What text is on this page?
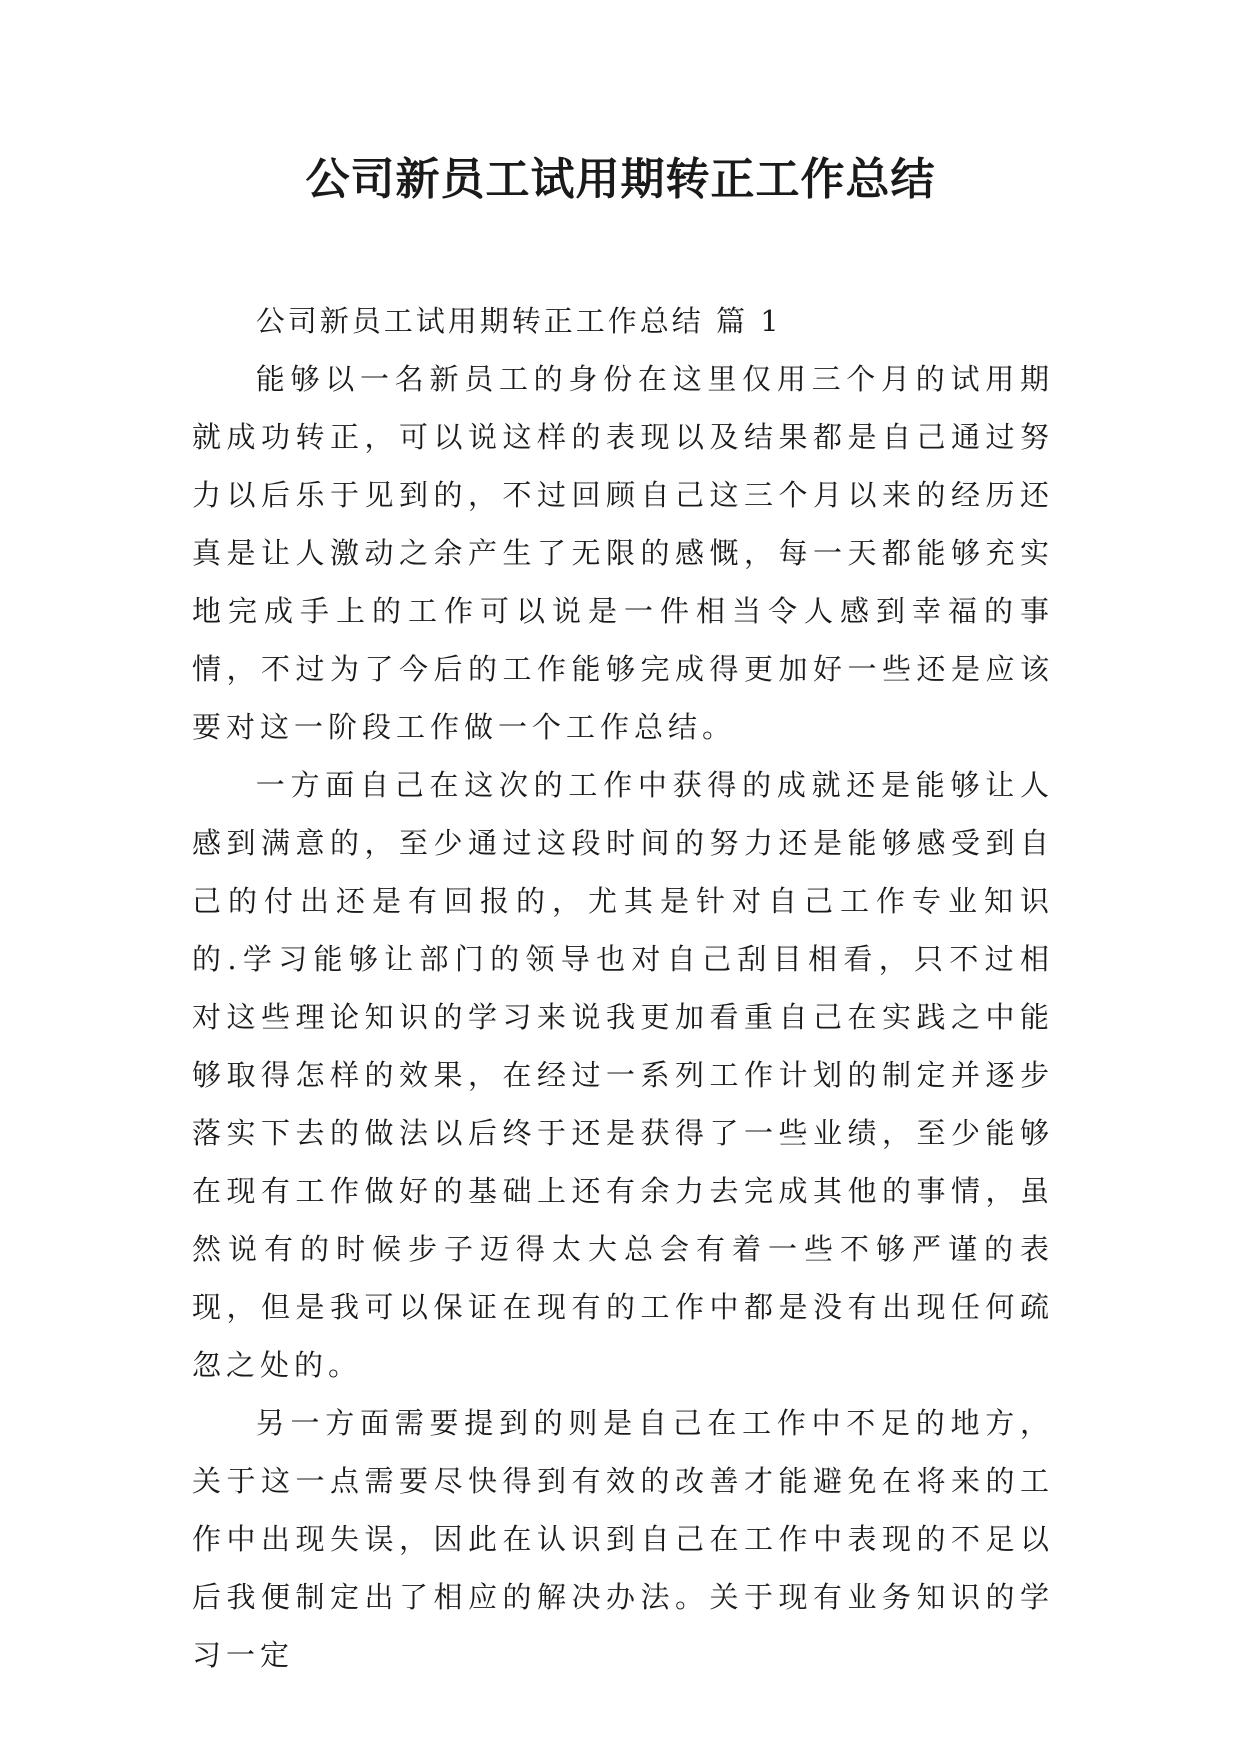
公司新员工试用期转正工作总结

公司新员工试用期转正工作总结 篇 1

能够以一名新员工的身份在这里仅用三个月的试用期就成功转正，可以说这样的表现以及结果都是自己通过努力以后乐于见到的，不过回顾自己这三个月以来的经历还真是让人激动之余产生了无限的感慨，每一天都能够充实地完成手上的工作可以说是一件相当令人感到幸福的事情，不过为了今后的工作能够完成得更加好一些还是应该要对这一阶段工作做一个工作总结。

一方面自己在这次的工作中获得的成就还是能够让人感到满意的，至少通过这段时间的努力还是能够感受到自己的付出还是有回报的，尤其是针对自己工作专业知识的.学习能够让部门的领导也对自己刮目相看，只不过相对这些理论知识的学习来说我更加看重自己在实践之中能够取得怎样的效果，在经过一系列工作计划的制定并逐步落实下去的做法以后终于还是获得了一些业绩，至少能够在现有工作做好的基础上还有余力去完成其他的事情，虽然说有的时候步子迈得太大总会有着一些不够严谨的表现，但是我可以保证在现有的工作中都是没有出现任何疏忽之处的。

另一方面需要提到的则是自己在工作中不足的地方，关于这一点需要尽快得到有效的改善才能避免在将来的工作中出现失误，因此在认识到自己在工作中表现的不足以后我便制定出了相应的解决办法。关于现有业务知识的学习一定
